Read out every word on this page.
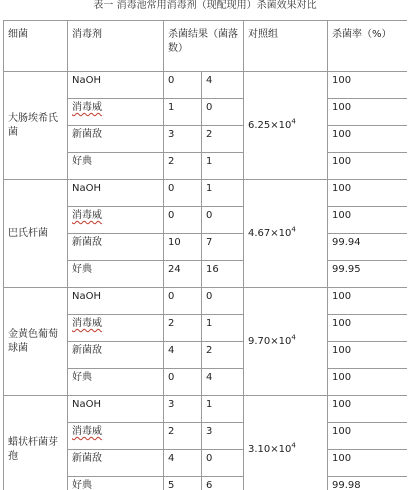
表一 消毒池常用消毒剂（现配现用）杀菌效果对比
细菌	消毒剂	杀菌结果（菌落数）		对照组	杀菌率（%）
大肠埃希氏菌	NaOH	0	4	$6.25\times 10^4$	100
	消毒威	1	0		100
	新菌敌	3	2		100
	好典	2	1		100
巴氏杆菌	NaOH	0	1	$4.67\times 10^4$	100
	消毒威	0	0		100
	新菌敌	10	7		99.94
	好典	24	16		99.95
金黄色葡萄球菌	NaOH	0	0	$9.70\times 10^4$	100
	消毒威	2	1		100
	新菌敌	4	2		100
	好典	0	4		100
蜡状杆菌芽孢	NaOH	3	1	$3.10\times 10^4$	100
	消毒威	2	3		100
	新菌敌	4	0		100
	好典	5	6		99.98
